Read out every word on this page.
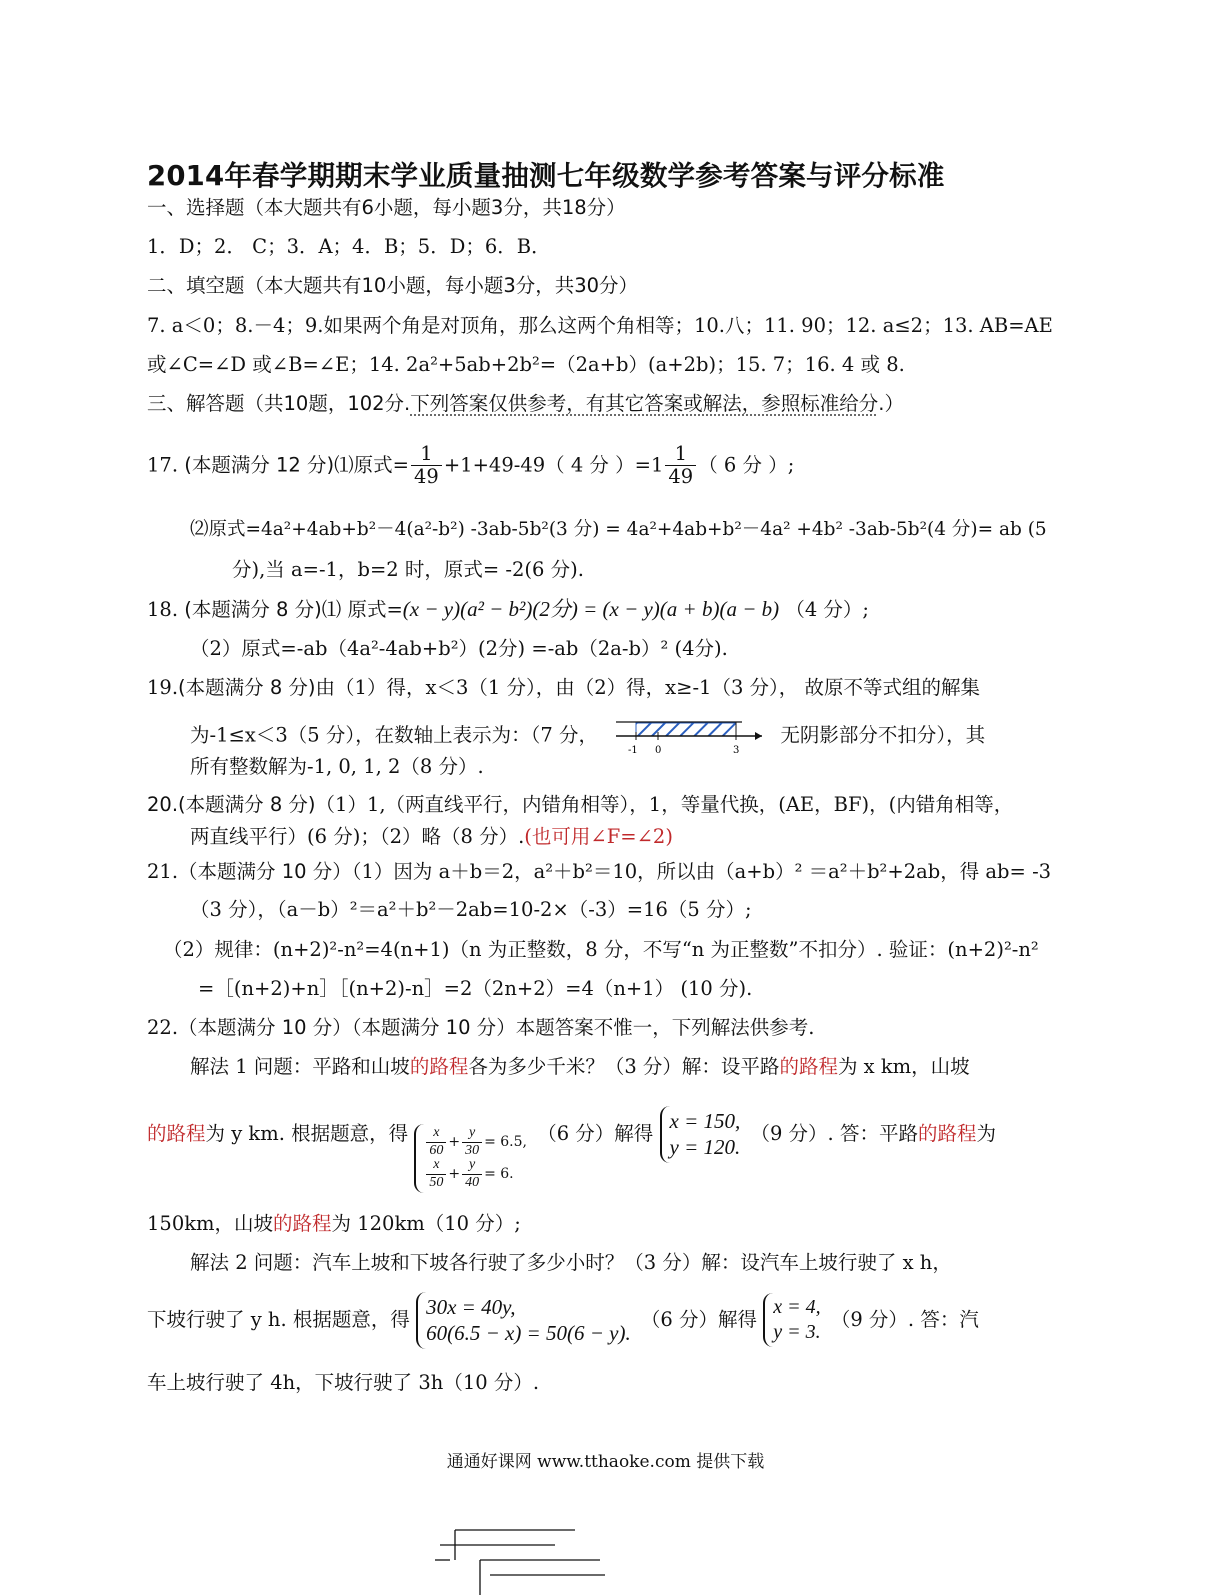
2014年春学期期末学业质量抽测七年级数学参考答案与评分标准
一、选择题（本大题共有6小题，每小题3分，共18分）
1．D；2． C；3．A；4．B；5．D；6．B．
二、填空题（本大题共有10小题，每小题3分，共30分）
7. a＜0；8.－4；9.如果两个角是对顶角，那么这两个角相等；10.八；11. 90；12. a≤2；13. AB=AE
或∠C=∠D 或∠B=∠E；14. 2a²+5ab+2b²=（2a+b）(a+2b)；15. 7；16. 4 或 8.
三、解答题（共10题，102分.下列答案仅供参考，有其它答案或解法，参照标准给分.）
17. (本题满分 12 分)⑴原式= $\frac{1}{49} +1+49-49$（ 4 分 ）$=1 \frac{1}{49}$ （ 6 分 ）;
⑵原式=4a²+4ab+b²－4(a²-b²) -3ab-5b²(3 分) = 4a²+4ab+b²－4a² +4b² -3ab-5b²(4 分)= ab (5
分),当 a=-1，b=2 时，原式= -2(6 分).
18. (本题满分 8 分)⑴ 原式=(x − y)(a² − b²)(2分) = (x − y)(a + b)(a − b) （4 分）;
（2）原式=-ab（4a²-4ab+b²）(2分) =-ab（2a-b）² (4分).
19.(本题满分 8 分)由（1）得，x＜3（1 分），由（2）得，x≥-1（3 分）， 故原不等式组的解集
为-1≤x＜3（5 分），在数轴上表示为：（7 分，
-1 0	3
无阴影部分不扣分），其
所有整数解为-1, 0, 1, 2（8 分）.
20.(本题满分 8 分)（1）1,（两直线平行，内错角相等），1，等量代换，(AE，BF)，(内错角相等，
两直线平行）(6 分)；（2）略（8 分）.(也可用∠F=∠2)
21.（本题满分 10 分）（1）因为 a＋b＝2，a²＋b²＝10，所以由（a+b）² ＝a²＋b²+2ab，得 ab= -3
（3 分），（a－b）²＝a²＋b²－2ab=10-2×（-3）=16（5 分）;
（2）规律：(n+2)²-n²=4(n+1)（n 为正整数，8 分，不写“n 为正整数”不扣分）. 验证：(n+2)²-n²
=［(n+2)+n］［(n+2)-n］=2（2n+2）=4（n+1） (10 分).
22.（本题满分 10 分）（本题满分 10 分）本题答案不惟一，下列解法供参考.
解法 1 问题：平路和山坡的路程各为多少千米？（3 分）解：设平路的路程为 x km，山坡
的路程为 y km. 根据题意，得 $\frac{x}{60} + \frac{y}{30} = 6.5$,
$\frac{x}{50} + \frac{y}{40} = 6$.
（6 分）解得
x = 150,
y = 120.
（9 分）. 答：平路的路程为
150km，山坡的路程为 120km（10 分）;
解法 2 问题：汽车上坡和下坡各行驶了多少小时？（3 分）解：设汽车上坡行驶了 x h，
下坡行驶了 y h. 根据题意，得
30x = 40y,
60(6.5 − x) = 50(6 − y).
（6 分）解得
x = 4,
y = 3.
（9 分）. 答：汽
车上坡行驶了 4h，下坡行驶了 3h（10 分）.
通通好课网 www.tthaoke.com 提供下载
